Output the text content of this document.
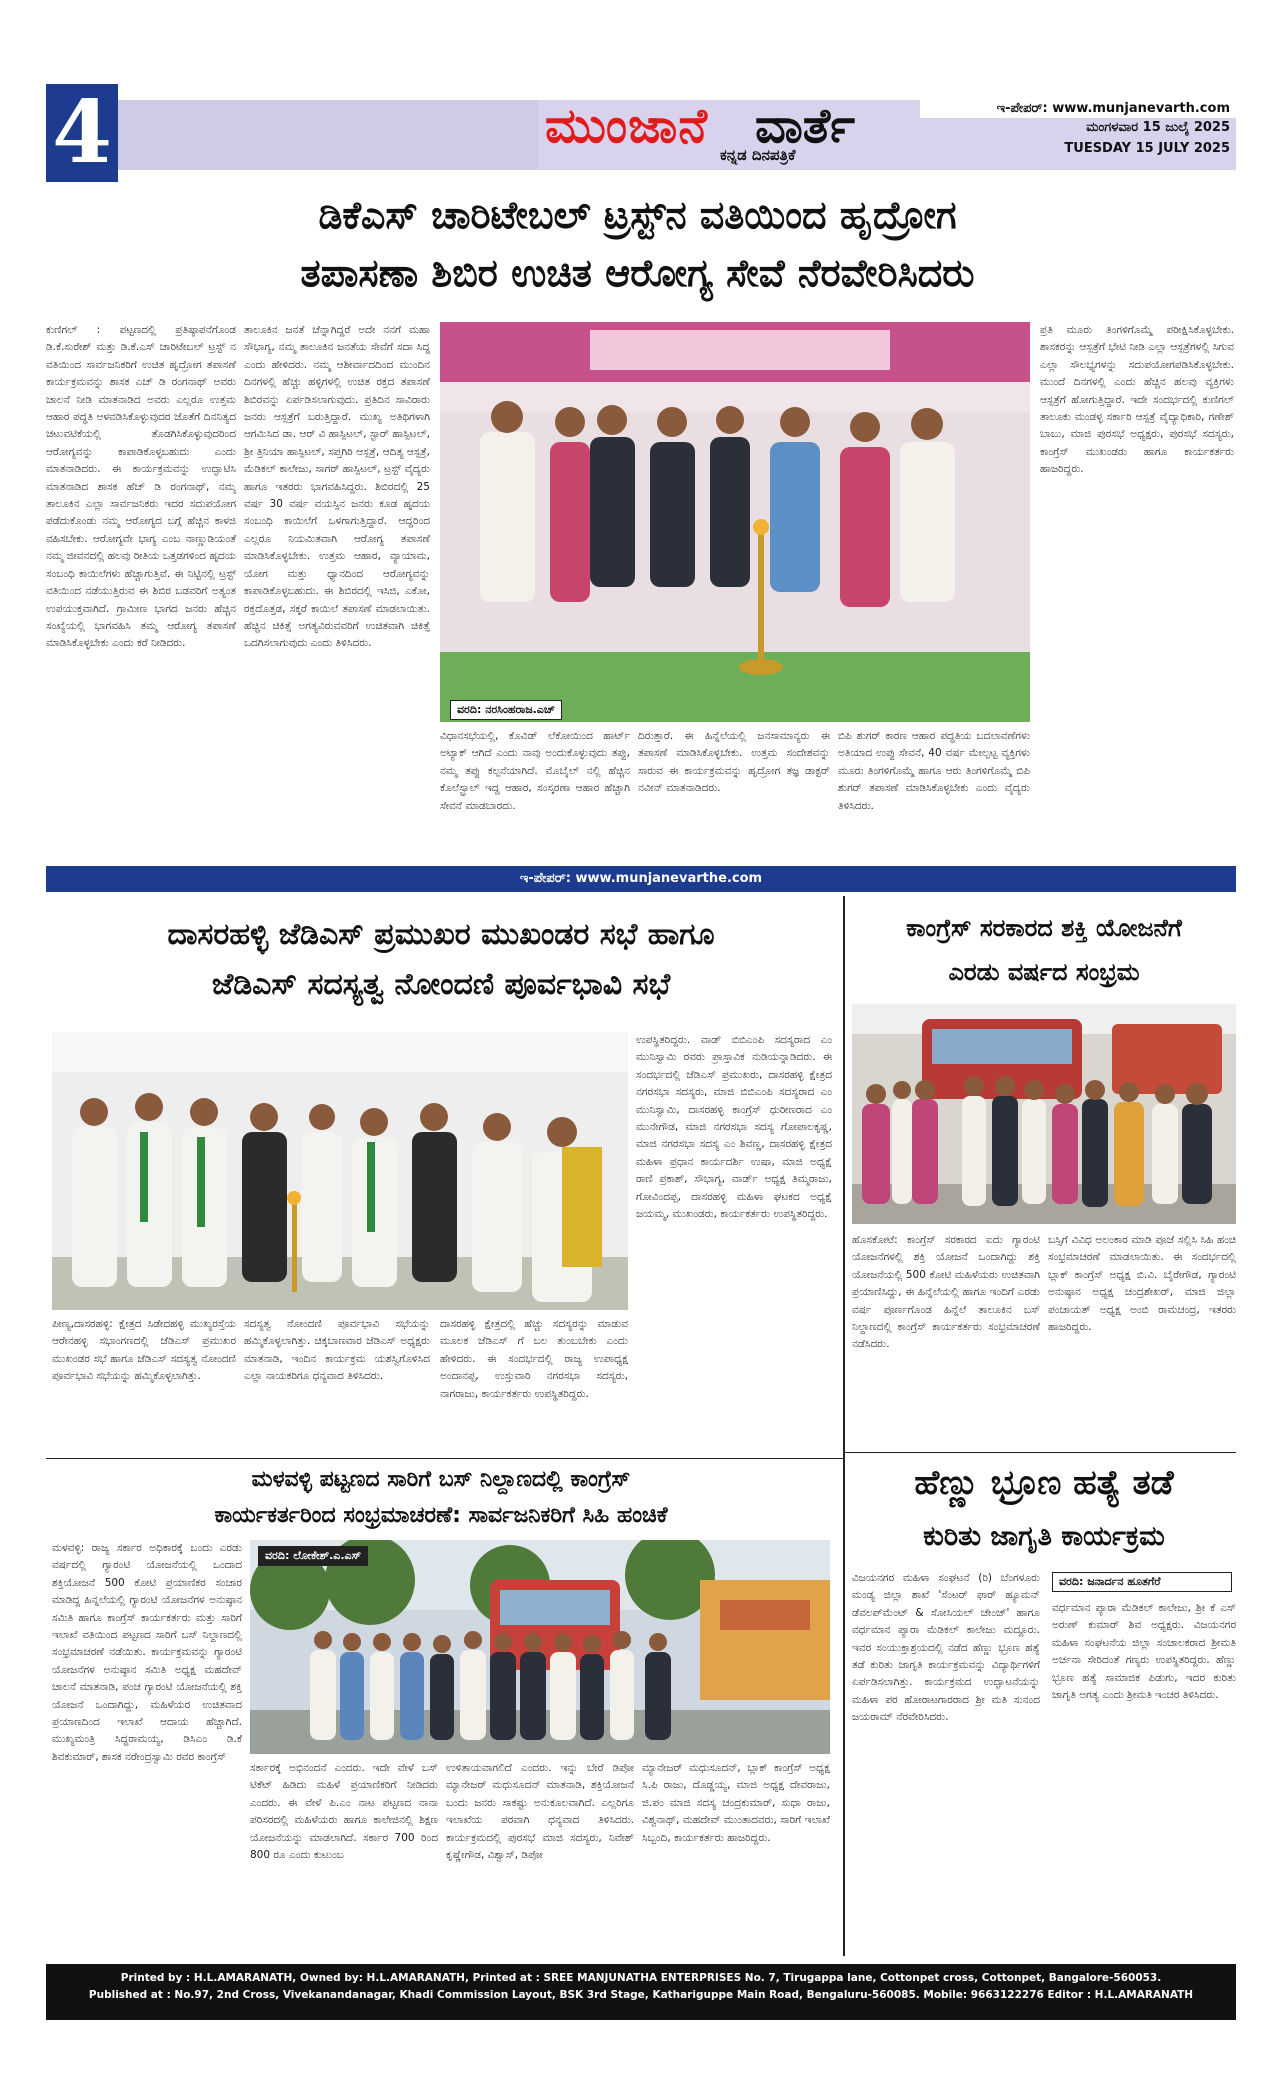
4	ಮುಂಜಾನೆ ವಾರ್ತೆ
ಕನ್ನಡ ದಿನಪತ್ರಿಕೆ
ಇ-ಪೇಪರ್: www.munjanevarth.com
ಮಂಗಳವಾರ 15 ಜುಲೈ 2025
TUESDAY 15 JULY 2025
ಡಿಕೆಎಸ್ ಚಾರಿಟೇಬಲ್ ಟ್ರಸ್ಟ್‌ನ ವತಿಯಿಂದ ಹೃದ್ರೋಗ
ತಪಾಸಣಾ ಶಿಬಿರ ಉಚಿತ ಆರೋಗ್ಯ ಸೇವೆ ನೆರವೇರಿಸಿದರು
ಕುಣಿಗಲ್ : ಪಟ್ಟಣದಲ್ಲಿ ಪ್ರತಿಷ್ಠಾಪನೆಗೊಂಡ ಡಿ.ಕೆ.ಸುರೇಶ್ ಮತ್ತು ಡಿ.ಕೆ.ಎಸ್ ಚಾರಿಟೇಬಲ್ ಟ್ರಸ್ಟ್ ನ ವತಿಯಿಂದ ಸಾರ್ವಜನಿಕರಿಗೆ ಉಚಿತ ಹೃದ್ರೋಗ ತಪಾಸಣೆ ಕಾರ್ಯಕ್ರಮವನ್ನು ಶಾಸಕ ಎಚ್ ಡಿ ರಂಗನಾಥ್ ಅವರು ಚಾಲನೆ ನೀಡಿ ಮಾತನಾಡಿದ ಅವರು ಎಲ್ಲರೂ ಉತ್ತಮ ಆಹಾರ ಪದ್ಧತಿ ಅಳವಡಿಸಿಕೊಳ್ಳುವುದರ ಜೊತೆಗೆ ದಿನನಿತ್ಯದ ಚಟುವಟಿಕೆಯಲ್ಲಿ ತೊಡಗಿಸಿಕೊಳ್ಳುವುದರಿಂದ ಆರೋಗ್ಯವನ್ನು ಕಾಪಾಡಿಕೊಳ್ಳಬಹುದು ಎಂದು ಮಾತನಾಡಿದರು. ಈ ಕಾರ್ಯಕ್ರಮವನ್ನು ಉದ್ಘಾಟಿಸಿ ಮಾತನಾಡಿದ ಶಾಸಕ ಹೆಚ್ ಡಿ ರಂಗನಾಥ್, ನಮ್ಮ ತಾಲೂಕಿನ ಎಲ್ಲಾ ಸಾರ್ವಜನಿಕರು ಇದರ ಸದುಪಯೋಗ ಪಡೆದುಕೊಂಡು ನಮ್ಮ ಆರೋಗ್ಯದ ಬಗ್ಗೆ ಹೆಚ್ಚಿನ ಕಾಳಜಿ ವಹಿಸಬೇಕು. ಆರೋಗ್ಯವೇ ಭಾಗ್ಯ ಎಂಬ ನಾಣ್ಣುಡಿಯಂತೆ ನಮ್ಮ ಜೀವನದಲ್ಲಿ ಹಲವು ರೀತಿಯ ಒತ್ತಡಗಳಿಂದ ಹೃದಯ ಸಂಬಂಧಿ ಕಾಯಿಲೆಗಳು ಹೆಚ್ಚಾಗುತ್ತಿವೆ. ಈ ನಿಟ್ಟಿನಲ್ಲಿ ಟ್ರಸ್ಟ್ ವತಿಯಿಂದ ನಡೆಯುತ್ತಿರುವ ಈ ಶಿಬಿರ ಬಡವರಿಗೆ ಅತ್ಯಂತ ಉಪಯುಕ್ತವಾಗಿದೆ. ಗ್ರಾಮೀಣ ಭಾಗದ ಜನರು ಹೆಚ್ಚಿನ ಸಂಖ್ಯೆಯಲ್ಲಿ ಭಾಗವಹಿಸಿ ತಮ್ಮ ಆರೋಗ್ಯ ತಪಾಸಣೆ ಮಾಡಿಸಿಕೊಳ್ಳಬೇಕು ಎಂದು ಕರೆ ನೀಡಿದರು.
ತಾಲೂಕಿನ ಜನತೆ ಚೆನ್ನಾಗಿದ್ದರೆ ಅದೇ ನನಗೆ ಮಹಾ ಸೌಭಾಗ್ಯ, ನಮ್ಮ ತಾಲೂಕಿನ ಜನತೆಯ ಸೇವೆಗೆ ಸದಾ ಸಿದ್ಧ ಎಂದು ಹೇಳಿದರು. ನಮ್ಮ ಆಶೀರ್ವಾದದಿಂದ ಮುಂದಿನ ದಿನಗಳಲ್ಲಿ ಹೆಚ್ಚು ಹಳ್ಳಿಗಳಲ್ಲಿ ಉಚಿತ ರಕ್ತದ ತಪಾಸಣೆ ಶಿಬಿರವನ್ನು ಏರ್ಪಡಿಸಲಾಗುವುದು. ಪ್ರತಿದಿನ ಸಾವಿರಾರು ಜನರು ಆಸ್ಪತ್ರೆಗೆ ಬರುತ್ತಿದ್ದಾರೆ. ಮುಖ್ಯ ಅತಿಥಿಗಳಾಗಿ ಆಗಮಿಸಿದ ಡಾ. ಆರ್ ವಿ ಹಾಸ್ಪಿಟಲ್, ಸ್ಟಾರ್ ಹಾಸ್ಪಿಟಲ್, ಶ್ರೀ ತ್ರಿನಿಯಾ ಹಾಸ್ಪಿಟಲ್, ಸಪ್ತಗಿರಿ ಆಸ್ಪತ್ರೆ, ಆದಿತ್ಯ ಆಸ್ಪತ್ರೆ, ಮೆಡಿಕಲ್ ಕಾಲೇಜು, ಸಾಗರ್ ಹಾಸ್ಪಿಟಲ್, ಟ್ರಸ್ಟ್ ವೈದ್ಯರು ಹಾಗೂ ಇತರರು ಭಾಗವಹಿಸಿದ್ದರು. ಶಿಬಿರದಲ್ಲಿ 25 ವರ್ಷ 30 ವರ್ಷ ವಯಸ್ಸಿನ ಜನರು ಕೂಡ ಹೃದಯ ಸಂಬಂಧಿ ಕಾಯಿಲೆಗೆ ಒಳಗಾಗುತ್ತಿದ್ದಾರೆ. ಆದ್ದರಿಂದ ಎಲ್ಲರೂ ನಿಯಮಿತವಾಗಿ ಆರೋಗ್ಯ ತಪಾಸಣೆ ಮಾಡಿಸಿಕೊಳ್ಳಬೇಕು. ಉತ್ತಮ ಆಹಾರ, ವ್ಯಾಯಾಮ, ಯೋಗ ಮತ್ತು ಧ್ಯಾನದಿಂದ ಆರೋಗ್ಯವನ್ನು ಕಾಪಾಡಿಕೊಳ್ಳಬಹುದು. ಈ ಶಿಬಿರದಲ್ಲಿ ಇಸಿಜಿ, ಎಕೋ, ರಕ್ತದೊತ್ತಡ, ಸಕ್ಕರೆ ಕಾಯಿಲೆ ತಪಾಸಣೆ ಮಾಡಲಾಯಿತು. ಹೆಚ್ಚಿನ ಚಿಕಿತ್ಸೆ ಅಗತ್ಯವಿರುವವರಿಗೆ ಉಚಿತವಾಗಿ ಚಿಕಿತ್ಸೆ ಒದಗಿಸಲಾಗುವುದು ಎಂದು ತಿಳಿಸಿದರು.
ವರದಿ: ನರಸಿಂಹರಾಜ.ಎಚ್
ವಿಧಾನಸಭೆಯಲ್ಲಿ, ಕೊವಿಡ್ ಲೆಕೋಯಿಂದ ಹಾರ್ಟ್ ಅಟ್ಯಾಕ್ ಆಗಿದೆ ಎಂದು ನಾವು ಅಂದುಕೊಳ್ಳುವುದು ತಪ್ಪು, ನಮ್ಮ ತಪ್ಪು ಕಲ್ಪನೆಯಾಗಿದೆ. ಮೊಬೈಲ್ ನಲ್ಲಿ ಹೆಚ್ಚಿನ ಕೊಲೆಸ್ಟ್ರಾಲ್ ಇದ್ದ ಆಹಾರ, ಸಂಸ್ಕರಣಾ ಆಹಾರ ಹೆಚ್ಚಾಗಿ ಸೇವನೆ ಮಾಡಬಾರದು.
ದಿರುತ್ತಾರೆ. ಈ ಹಿನ್ನೆಲೆಯಲ್ಲಿ ಜನಸಾಮಾನ್ಯರು ಈ ತಪಾಸಣೆ ಮಾಡಿಸಿಕೊಳ್ಳಬೇಕು. ಉತ್ತಮ ಸಂದೇಶವನ್ನು ಸಾರುವ ಈ ಕಾರ್ಯಕ್ರಮವನ್ನು ಹೃದ್ರೋಗ ತಜ್ಞ ಡಾಕ್ಟರ್ ನವೀನ್ ಮಾತನಾಡಿದರು.
ಬಿಪಿ ಶುಗರ್ ಕಾರಣ ಆಹಾರ ಪದ್ಧತಿಯ ಬದಲಾವಣೆಗಳು ಅತಿಯಾದ ಉಪ್ಪು ಸೇವನೆ, 40 ವರ್ಷ ಮೇಲ್ಪಟ್ಟ ವ್ಯಕ್ತಿಗಳು ಮೂರು ತಿಂಗಳಿಗೊಮ್ಮೆ ಹಾಗೂ ಆರು ತಿಂಗಳಿಗೊಮ್ಮೆ ಬಿಪಿ ಶುಗರ್ ತಪಾಸಣೆ ಮಾಡಿಸಿಕೊಳ್ಳಬೇಕು ಎಂದು ವೈದ್ಯರು ತಿಳಿಸಿದರು.
ಪ್ರತಿ ಮೂರು ತಿಂಗಳಿಗೊಮ್ಮೆ ಪರೀಕ್ಷಿಸಿಕೊಳ್ಳಬೇಕು. ಶಾಸಕರನ್ನು ಆಸ್ಪತ್ರೆಗೆ ಭೇಟಿ ನೀಡಿ ಎಲ್ಲಾ ಆಸ್ಪತ್ರೆಗಳಲ್ಲಿ ಸಿಗುವ ಎಲ್ಲಾ ಸೌಲಭ್ಯಗಳನ್ನು ಸದುಪಯೋಗಪಡಿಸಿಕೊಳ್ಳಬೇಕು. ಮುಂದೆ ದಿನಗಳಲ್ಲಿ ಎಂದು ಹೆಚ್ಚಿನ ಹಲವು ವ್ಯಕ್ತಿಗಳು ಆಸ್ಪತ್ರೆಗೆ ಹೋಗುತ್ತಿದ್ದಾರೆ. ಇದೇ ಸಂದರ್ಭದಲ್ಲಿ ಕುಣಿಗಲ್ ತಾಲೂಕು ಮಂಡಳ್ಳ ಸರ್ಕಾರಿ ಆಸ್ಪತ್ರೆ ವೈದ್ಯಾಧಿಕಾರಿ, ಗಣೇಶ್ ಬಾಬು, ಮಾಜಿ ಪುರಸಭೆ ಅಧ್ಯಕ್ಷರು, ಪುರಸಭೆ ಸದಸ್ಯರು, ಕಾಂಗ್ರೆಸ್ ಮುಖಂಡರು ಹಾಗೂ ಕಾರ್ಯಕರ್ತರು ಹಾಜರಿದ್ದರು.
ಇ-ಪೇಪರ್: www.munjanevarthe.com
ದಾಸರಹಳ್ಳಿ ಜೆಡಿಎಸ್ ಪ್ರಮುಖರ ಮುಖಂಡರ ಸಭೆ ಹಾಗೂ
ಜೆಡಿಎಸ್ ಸದಸ್ಯತ್ವ ನೋಂದಣಿ ಪೂರ್ವಭಾವಿ ಸಭೆ
ಪೀಣ್ಯ,ದಾಸರಹಳ್ಳಿ: ಕ್ಷೇತ್ರದ ಸಿಡೇದಹಳ್ಳಿ ಮುಖ್ಯರಸ್ತೆಯ ಆರೇನಹಳ್ಳಿ ಸಭಾಂಗಣದಲ್ಲಿ ಜೆಡಿಎಸ್ ಪ್ರಮುಖರ ಮುಖಂಡರ ಸಭೆ ಹಾಗೂ ಜೆಡಿಎಸ್ ಸದಸ್ಯತ್ವ ನೋಂದಣಿ ಪೂರ್ವಭಾವಿ ಸಭೆಯನ್ನು ಹಮ್ಮಿಕೊಳ್ಳಲಾಗಿತ್ತು.
ಸದಸ್ಯತ್ವ ನೋಂದಣಿ ಪೂರ್ವಭಾವಿ ಸಭೆಯನ್ನು ಹಮ್ಮಿಕೊಳ್ಳಲಾಗಿತ್ತು. ಚಿಕ್ಕಬಾಣವಾರ ಜೆಡಿಎಸ್ ಅಧ್ಯಕ್ಷರು ಮಾತನಾಡಿ, ಇಂದಿನ ಕಾರ್ಯಕ್ರಮ ಯಶಸ್ವಿಗೊಳಿಸಿದ ಎಲ್ಲಾ ನಾಯಕರಿಗೂ ಧನ್ಯವಾದ ತಿಳಿಸಿದರು.
ದಾಸರಹಳ್ಳಿ ಕ್ಷೇತ್ರದಲ್ಲಿ ಹೆಚ್ಚು ಸದಸ್ಯರನ್ನು ಮಾಡುವ ಮೂಲಕ ಜೆಡಿಎಸ್ ಗೆ ಬಲ ತುಂಬಬೇಕು ಎಂದು ಹೇಳಿದರು. ಈ ಸಂದರ್ಭದಲ್ಲಿ ರಾಜ್ಯ ಉಪಾಧ್ಯಕ್ಷ ಅಂದಾನಪ್ಪ, ಉಸ್ತುವಾರಿ ನಗರಸಭಾ ಸದಸ್ಯರು, ನಾಗರಾಜು, ಕಾರ್ಯಕರ್ತರು ಉಪಸ್ಥಿತರಿದ್ದರು.
ಉಪಸ್ಥಿತರಿದ್ದರು. ವಾಡ್ ಬಿಬಿಎಂಪಿ ಸದಸ್ಯರಾದ ಎಂ ಮುನಿಸ್ವಾಮಿ ರವರು ಪ್ರಾಸ್ತಾವಿಕ ನುಡಿಯನ್ನಾಡಿದರು. ಈ ಸಂದರ್ಭದಲ್ಲಿ ಜೆಡಿಎಸ್ ಪ್ರಮುಖರು, ದಾಸರಹಳ್ಳಿ ಕ್ಷೇತ್ರದ ನಗರಸಭಾ ಸದಸ್ಯರು, ಮಾಜಿ ಬಿಬಿಎಂಪಿ ಸದಸ್ಯರಾದ ಎಂ ಮುನಿಸ್ವಾಮಿ, ದಾಸರಹಳ್ಳಿ ಕಾಂಗ್ರೆಸ್ ಧುರೀಣರಾದ ಎಂ ಮುನೇಗೌಡ, ಮಾಜಿ ನಗರಸಭಾ ಸದಸ್ಯ ಗೋಪಾಲಕೃಷ್ಣ, ಮಾಜಿ ನಗರಸಭಾ ಸದಸ್ಯ ಎಂ ಶಿವಣ್ಣ, ದಾಸರಹಳ್ಳಿ ಕ್ಷೇತ್ರದ ಮಹಿಳಾ ಪ್ರಧಾನ ಕಾರ್ಯದರ್ಶಿ ಉಷಾ, ಮಾಜಿ ಅಧ್ಯಕ್ಷೆ ರಾಣಿ ಪ್ರಕಾಶ್, ಸೌಭಾಗ್ಯ, ವಾರ್ಡ್ ಅಧ್ಯಕ್ಷ ತಿಮ್ಮರಾಜು, ಗೋವಿಂದಪ್ಪ, ದಾಸರಹಳ್ಳಿ ಮಹಿಳಾ ಘಟಕದ ಅಧ್ಯಕ್ಷೆ ಜಯಮ್ಮ, ಮುಖಂಡರು, ಕಾರ್ಯಕರ್ತರು ಉಪಸ್ಥಿತರಿದ್ದರು.
ಕಾಂಗ್ರೆಸ್ ಸರಕಾರದ ಶಕ್ತಿ ಯೋಜನೆಗೆ
ಎರಡು ವರ್ಷದ ಸಂಭ್ರಮ
ಹೊಸಕೋಟೆ: ಕಾಂಗ್ರೆಸ್ ಸರಕಾರದ ಐದು ಗ್ಯಾರಂಟಿ ಯೋಜನೆಗಳಲ್ಲಿ ಶಕ್ತಿ ಯೋಜನೆ ಒಂದಾಗಿದ್ದು ಶಕ್ತಿ ಯೋಜನೆಯಲ್ಲಿ 500 ಕೋಟಿ ಮಹಿಳೆಯರು ಉಚಿತವಾಗಿ ಪ್ರಯಾಣಿಸಿದ್ದು, ಈ ಹಿನ್ನೆಲೆಯಲ್ಲಿ ಹಾಗೂ ಇಂದಿಗೆ ಎರಡು ವರ್ಷ ಪೂರ್ಣಗೊಂಡ ಹಿನ್ನೆಲೆ ತಾಲೂಕಿನ ಬಸ್ ನಿಲ್ದಾಣದಲ್ಲಿ ಕಾಂಗ್ರೆಸ್ ಕಾರ್ಯಕರ್ತರು ಸಂಭ್ರಮಾಚರಣೆ ನಡೆಸಿದರು.
ಬಸ್ಸಿಗೆ ವಿವಿಧ ಅಲಂಕಾರ ಮಾಡಿ ಪೂಜೆ ಸಲ್ಲಿಸಿ ಸಿಹಿ ಹಂಚಿ ಸಂಭ್ರಮಾಚರಣೆ ಮಾಡಲಾಯಿತು. ಈ ಸಂದರ್ಭದಲ್ಲಿ ಬ್ಲಾಕ್ ಕಾಂಗ್ರೆಸ್ ಅಧ್ಯಕ್ಷ ಬಿ.ವಿ. ಬೈರೇಗೌಡ, ಗ್ಯಾರಂಟಿ ಅನುಷ್ಠಾನ ಅಧ್ಯಕ್ಷ ಚಂದ್ರಶೇಖರ್, ಮಾಜಿ ಜಿಲ್ಲಾ ಪಂಚಾಯತ್ ಅಧ್ಯಕ್ಷ ಅಂಬಿ ರಾಮಚಂದ್ರ, ಇತರರು ಹಾಜರಿದ್ದರು.
ಮಳವಳ್ಳಿ ಪಟ್ಟಣದ ಸಾರಿಗೆ ಬಸ್ ನಿಲ್ದಾಣದಲ್ಲಿ ಕಾಂಗ್ರೆಸ್
ಕಾರ್ಯಕರ್ತರಿಂದ ಸಂಭ್ರಮಾಚರಣೆ: ಸಾರ್ವಜನಿಕರಿಗೆ ಸಿಹಿ ಹಂಚಿಕೆ
ಮಳವಳ್ಳಿ: ರಾಜ್ಯ ಸರ್ಕಾರ ಅಧಿಕಾರಕ್ಕೆ ಬಂದು ಎರಡು ವರ್ಷದಲ್ಲಿ ಗ್ಯಾರಂಟಿ ಯೋಜನೆಯಲ್ಲಿ ಒಂದಾದ ಶಕ್ತಿಯೋಜನೆ 500 ಕೋಟಿ ಪ್ರಯಾಣಿಕರ ಸಂಚಾರ ಮಾಡಿದ್ದ ಹಿನ್ನಲೆಯಲ್ಲಿ ಗ್ಯಾರಂಟಿ ಯೋಜನೆಗಳ ಅನುಷ್ಠಾನ ಸಮಿತಿ ಹಾಗೂ ಕಾಂಗ್ರೆಸ್ ಕಾರ್ಯಕರ್ತರು ಮತ್ತು ಸಾರಿಗೆ ಇಲಾಖೆ ವತಿಯಿಂದ ಪಟ್ಟಣದ ಸಾರಿಗೆ ಬಸ್ ನಿಲ್ದಾಣದಲ್ಲಿ ಸಂಭ್ರಮಾಚರಣೆ ನಡೆಯಿತು. ಕಾರ್ಯಕ್ರಮವನ್ನು ಗ್ಯಾರಂಟಿ ಯೋಜನೆಗಳ ಅನುಷ್ಠಾನ ಸಮಿತಿ ಅಧ್ಯಕ್ಷ ಮಹದೇವ್ ಚಾಲನೆ ಮಾತನಾಡಿ, ಪಂಚ ಗ್ಯಾರಂಟಿ ಯೋಜನೆಯಲ್ಲಿ ಶಕ್ತಿ ಯೋಜನೆ ಒಂದಾಗಿದ್ದು, ಮಹಿಳೆಯರ ಉಚಿತವಾದ ಪ್ರಯಾಣದಿಂದ ಇಲಾಖೆ ಆದಾಯ ಹೆಚ್ಚಾಗಿದೆ. ಮುಖ್ಯಮಂತ್ರಿ ಸಿದ್ದರಾಮಯ್ಯ, ಡಿಸಿಎಂ ಡಿ.ಕೆ ಶಿವಕುಮಾರ್, ಶಾಸಕ ನರೇಂದ್ರಸ್ವಾಮಿ ರವರ ಕಾಂಗ್ರೆಸ್
ವರದಿ: ಲೋಕೇಶ್.ಎ.ಎಸ್
ಸರ್ಕಾರಕ್ಕೆ ಅಭಿನಂದನೆ ಎಂದರು. ಇದೇ ವೇಳೆ ಬಸ್ ಟಿಕೆಟ್ ಹಿಡಿದು ಮಹಿಳೆ ಪ್ರಯಾಣಿಕರಿಗೆ ನೀಡಿದರು ಎಂದರು. ಈ ವೇಳೆ ಪಿ.ಎಂ ನಾಟ ಪಟ್ಟಣದ ನಾನಾ ಪರಿಸರದಲ್ಲಿ ಮಹಿಳೆಯರು ಹಾಗೂ ಕಾಲೇಜಿನಲ್ಲಿ ಶಿಕ್ಷಣ ಯೋಜನೆಯನ್ನು ಮಾಡಲಾಗಿದೆ. ಸರ್ಕಾರ 700 ರಿಂದ 800 ರೂ ಎಂದು ಕುಟುಂಬ
ಉಳಿತಾಯವಾಗಲಿದೆ ಎಂದರು. ಇನ್ನು ಬೇರೆ ಡಿಪೋ ಮ್ಯಾನೇಜರ್ ಮಧುಸೂದನ್ ಮಾತನಾಡಿ, ಶಕ್ತಿಯೋಜನೆ ಬಂದು ಜನರು ಸಾಕಷ್ಟು ಅನುಕೂಲವಾಗಿದೆ. ಎಲ್ಲರಿಗೂ ಇಲಾಖೆಯ ಪರವಾಗಿ ಧನ್ಯವಾದ ತಿಳಿಸಿದರು. ಕಾರ್ಯಕ್ರಮದಲ್ಲಿ ಪುರಸಭೆ ಮಾಜಿ ಸದಸ್ಯರು, ನಿವೇಶ್ ಕೃಷ್ಣೇಗೌಡ, ವಿಶ್ವಾಸ್, ಡಿಪೋ
ಮ್ಯಾನೇಜರ್ ಮಧುಸೂದನ್, ಬ್ಲಾಕ್ ಕಾಂಗ್ರೆಸ್ ಅಧ್ಯಕ್ಷ ಸಿ.ಪಿ ರಾಜು, ದೊಡ್ಡಯ್ಯ, ಮಾಜಿ ಅಧ್ಯಕ್ಷ ದೇವರಾಜು, ಜಿ.ಪಂ ಮಾಜಿ ಸದಸ್ಯ ಚಂದ್ರಕುಮಾರ್, ಸುಧಾ ರಾಜು, ವಿಶ್ವನಾಥ್, ಮಹದೇವ್ ಮುಂತಾದವರು, ಸಾರಿಗೆ ಇಲಾಖೆ ಸಿಬ್ಬಂದಿ, ಕಾರ್ಯಕರ್ತರು ಹಾಜರಿದ್ದರು.
ಹೆಣ್ಣು ಭ್ರೂಣ ಹತ್ಯೆ ತಡೆ
ಕುರಿತು ಜಾಗೃತಿ ಕಾರ್ಯಕ್ರಮ
ವಿಜಯನಗರ ಮಹಿಳಾ ಸಂಘಟನೆ (ರಿ) ಬೆಂಗಳೂರು ಮಂಡ್ಯ ಜಿಲ್ಲಾ ಶಾಖೆ 'ಸೆಂಟರ್ ಫಾರ್ ಹ್ಯೂಮನ್ ಡೆವಲಪ್‌ಮೆಂಟ್ & ಸೋಸಿಯಲ್ ಚೇಂಜ್' ಹಾಗೂ ವರ್ಧಮಾನ ಪ್ಯಾರಾ ಮೆಡಿಕಲ್ ಕಾಲೇಜು ಮದ್ದೂರು. ಇವರ ಸಂಯುಕ್ತಾಶ್ರಯದಲ್ಲಿ ನಡೆದ ಹೆಣ್ಣು ಭ್ರೂಣ ಹತ್ಯೆ ತಡೆ ಕುರಿತು ಜಾಗೃತಿ ಕಾರ್ಯಕ್ರಮವನ್ನು ವಿದ್ಯಾರ್ಥಿಗಳಿಗೆ ಏರ್ಪಡಿಸಲಾಗಿತ್ತು. ಕಾರ್ಯಕ್ರಮದ ಉದ್ಘಾಟನೆಯನ್ನು ಮಹಿಳಾ ಪರ ಹೋರಾಟಗಾರರಾದ ಶ್ರೀ ಮತಿ ಸುನಂದ ಜಯರಾಮ್ ನೆರವೇರಿಸಿದರು.
ವರದಿ: ಜನಾರ್ದನ ಹೂತಗೆರೆ
ವರ್ಧಮಾನ ಪ್ಯಾರಾ ಮೆಡಿಕಲ್ ಕಾಲೇಜು, ಶ್ರೀ ಕೆ ಎಸ್ ಅರುಣ್ ಕುಮಾರ್ ಶಿವ ಅಧ್ಯಕ್ಷರು. ವಿಜಯನಗರ ಮಹಿಳಾ ಸಂಘಟನೆಯ ಜಿಲ್ಲಾ ಸಂಚಾಲಕರಾದ ಶ್ರೀಮತಿ ಅರ್ಚನಾ ಸೇರಿದಂತೆ ಗಣ್ಯರು ಉಪಸ್ಥಿತರಿದ್ದರು. ಹೆಣ್ಣು ಭ್ರೂಣ ಹತ್ಯೆ ಸಾಮಾಜಿಕ ಪಿಡುಗು, ಇದರ ಕುರಿತು ಜಾಗೃತಿ ಅಗತ್ಯ ಎಂದು ಶ್ರೀಮತಿ ಇಂಚರ ತಿಳಿಸಿದರು.
Printed by : H.L.AMARANATH, Owned by: H.L.AMARANATH, Printed at : SREE MANJUNATHA ENTERPRISES No. 7, Tirugappa lane, Cottonpet cross, Cottonpet, Bangalore-560053.
Published at : No.97, 2nd Cross, Vivekanandanagar, Khadi Commission Layout, BSK 3rd Stage, Kathariguppe Main Road, Bengaluru-560085. Mobile: 9663122276 Editor : H.L.AMARANATH
